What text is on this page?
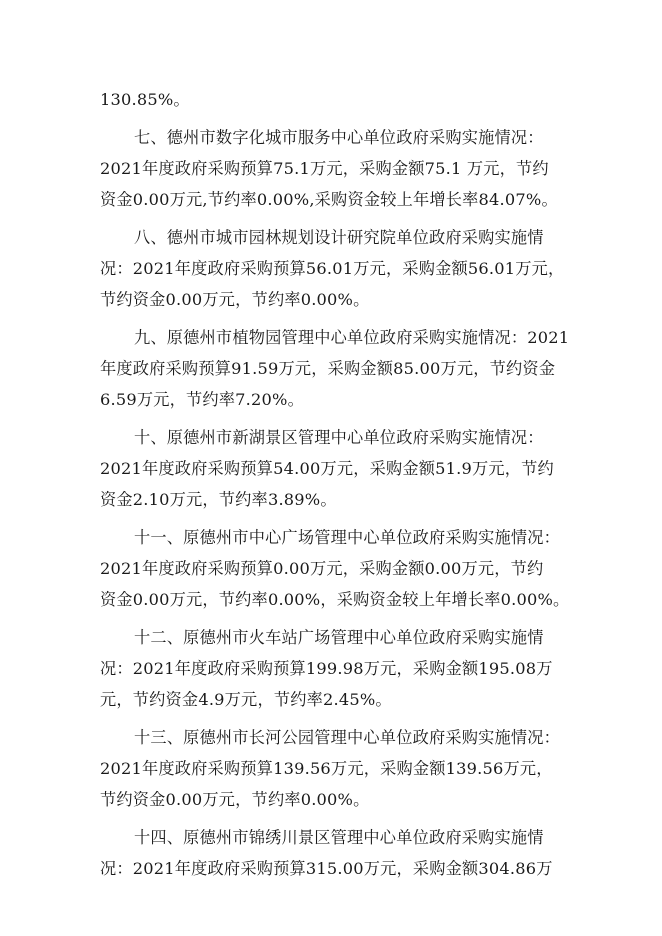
130.85%。
七、德州市数字化城市服务中心单位政府采购实施情况：
2021年度政府采购预算75.1万元，采购金额75.1 万元，节约
资金0.00万元,节约率0.00%,采购资金较上年增长率84.07%。
八、德州市城市园林规划设计研究院单位政府采购实施情
况：2021年度政府采购预算56.01万元，采购金额56.01万元，
节约资金0.00万元，节约率0.00%。
九、原德州市植物园管理中心单位政府采购实施情况：2021
年度政府采购预算91.59万元，采购金额85.00万元，节约资金
6.59万元，节约率7.20%。
十、原德州市新湖景区管理中心单位政府采购实施情况：
2021年度政府采购预算54.00万元，采购金额51.9万元，节约
资金2.10万元，节约率3.89%。
十一、原德州市中心广场管理中心单位政府采购实施情况：
2021年度政府采购预算0.00万元，采购金额0.00万元，节约
资金0.00万元，节约率0.00%，采购资金较上年增长率0.00%。
十二、原德州市火车站广场管理中心单位政府采购实施情
况：2021年度政府采购预算199.98万元，采购金额195.08万
元，节约资金4.9万元，节约率2.45%。
十三、原德州市长河公园管理中心单位政府采购实施情况：
2021年度政府采购预算139.56万元，采购金额139.56万元，
节约资金0.00万元，节约率0.00%。
十四、原德州市锦绣川景区管理中心单位政府采购实施情
况：2021年度政府采购预算315.00万元，采购金额304.86万
